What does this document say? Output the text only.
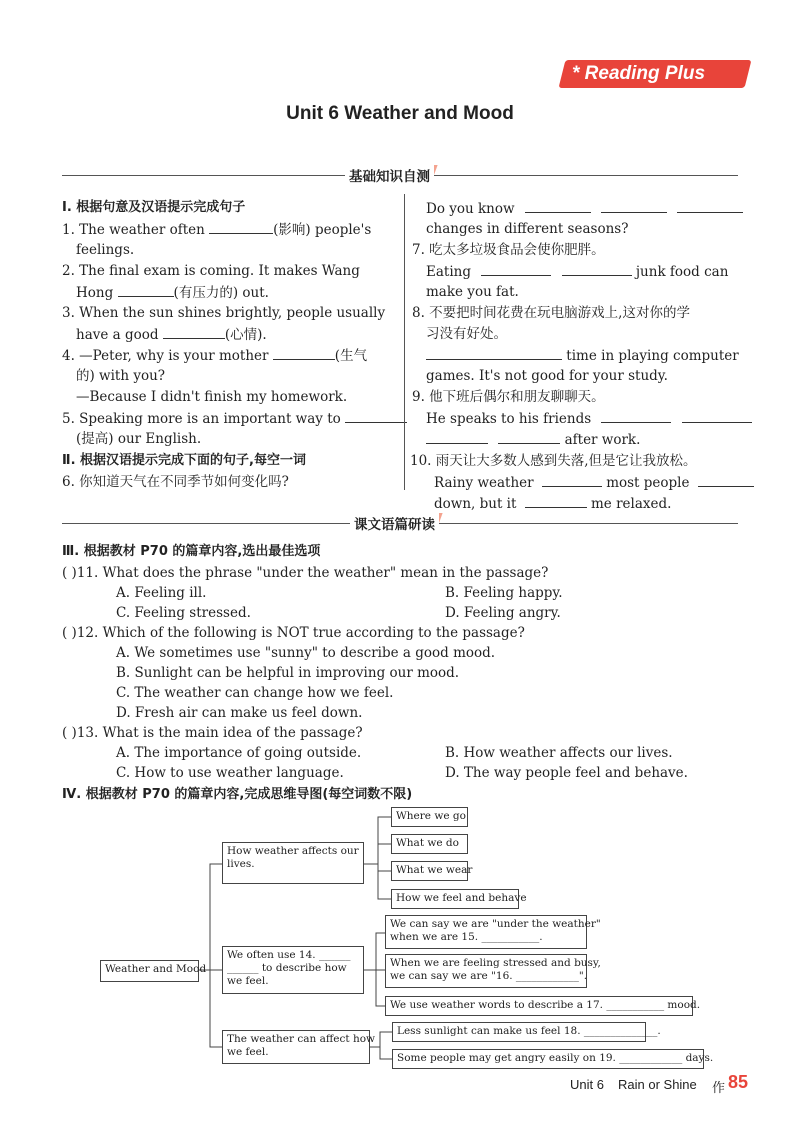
* Reading Plus
Unit 6 Weather and Mood
基础知识自测
Ⅰ. 根据句意及汉语提示完成句子
1. The weather often	(影响) people's
feelings.
2. The final exam is coming. It makes Wang
Hong	(有压力的) out.
3. When the sun shines brightly, people usually
have a good	(心情).
4. —Peter, why is your mother	(生气
的) with you?
—Because I didn't finish my homework.
5. Speaking more is an important way to
(提高) our English.
Ⅱ. 根据汉语提示完成下面的句子,每空一词
6. 你知道天气在不同季节如何变化吗?
Do you know
changes in different seasons?
7. 吃太多垃圾食品会使你肥胖。
Eating	junk food can
make you fat.
8. 不要把时间花费在玩电脑游戏上,这对你的学
习没有好处。
time in playing computer
games. It's not good for your study.
9. 他下班后偶尔和朋友聊聊天。
He speaks to his friends
after work.
10. 雨天让大多数人感到失落,但是它让我放松。
Rainy weather	most people
down, but it	me relaxed.
课文语篇研读
Ⅲ. 根据教材 P70 的篇章内容,选出最佳选项
( )11. What does the phrase "under the weather" mean in the passage?
A. Feeling ill.	B. Feeling happy.
C. Feeling stressed.	D. Feeling angry.
( )12. Which of the following is NOT true according to the passage?
A. We sometimes use "sunny" to describe a good mood.
B. Sunlight can be helpful in improving our mood.
C. The weather can change how we feel.
D. Fresh air can make us feel down.
( )13. What is the main idea of the passage?
A. The importance of going outside.	B. How weather affects our lives.
C. How to use weather language.	D. The way people feel and behave.
Ⅳ. 根据教材 P70 的篇章内容,完成思维导图(每空词数不限)
Weather and Mood
How weather affects our lives.
Where we go
What we do
What we wear
How we feel and behave
We often use 14. ______
______ to describe how
we feel.
We can say we are "under the weather"
when we are 15. ___________.
When we are feeling stressed and busy,
we can say we are "16. ____________".
We use weather words to describe a 17. ___________ mood.
The weather can affect how
we feel.
Less sunlight can make us feel 18. ______________.
Some people may get angry easily on 19. ____________ days.
Unit 6 Rain or Shine 作 85
